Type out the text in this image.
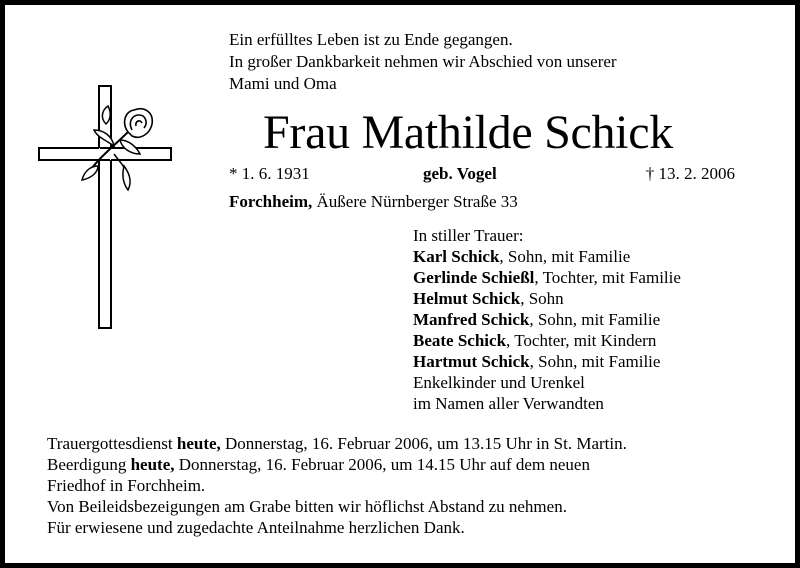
Ein erfülltes Leben ist zu Ende gegangen.
In großer Dankbarkeit nehmen wir Abschied von unserer
Mami und Oma
Frau Mathilde Schick
* 1. 6. 1931	geb. Vogel	† 13. 2. 2006
Forchheim, Äußere Nürnberger Straße 33
In stiller Trauer:
Karl Schick, Sohn, mit Familie
Gerlinde Schießl, Tochter, mit Familie
Helmut Schick, Sohn
Manfred Schick, Sohn, mit Familie
Beate Schick, Tochter, mit Kindern
Hartmut Schick, Sohn, mit Familie
Enkelkinder und Urenkel
im Namen aller Verwandten
Trauergottesdienst heute, Donnerstag, 16. Februar 2006, um 13.15 Uhr in St. Martin.
Beerdigung heute, Donnerstag, 16. Februar 2006, um 14.15 Uhr auf dem neuen
Friedhof in Forchheim.
Von Beileidsbezeigungen am Grabe bitten wir höflichst Abstand zu nehmen.
Für erwiesene und zugedachte Anteilnahme herzlichen Dank.
